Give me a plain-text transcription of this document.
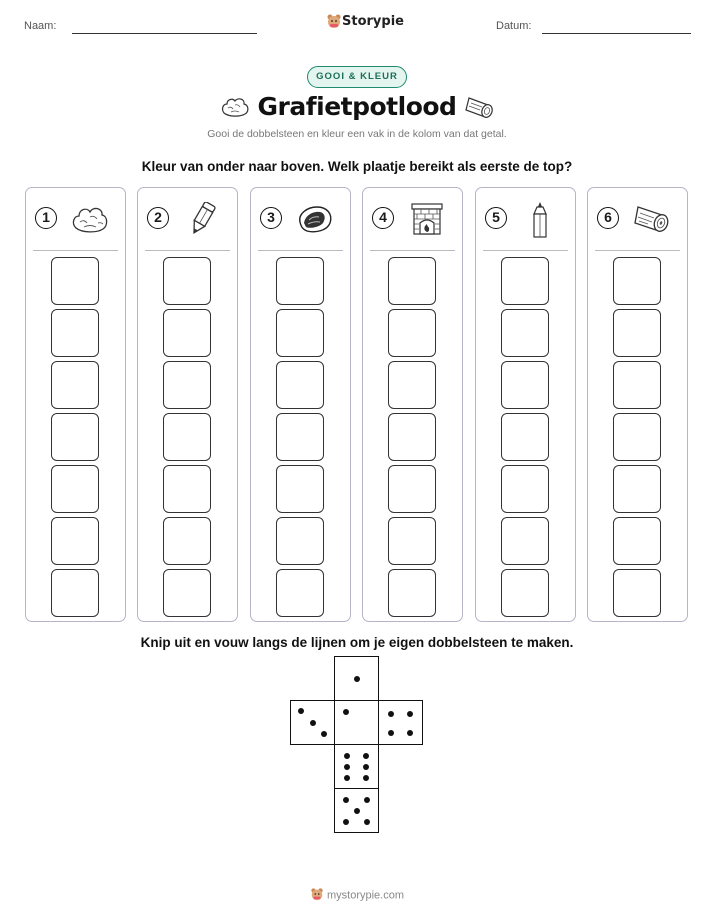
Naam:	Storypie	Datum:
GOOI & KLEUR
Grafietpotlood
Gooi de dobbelsteen en kleur een vak in de kolom van dat getal.
Kleur van onder naar boven. Welk plaatje bereikt als eerste de top?
1	2	3	4	5	6
Knip uit en vouw langs de lijnen om je eigen dobbelsteen te maken.
mystorypie.com
